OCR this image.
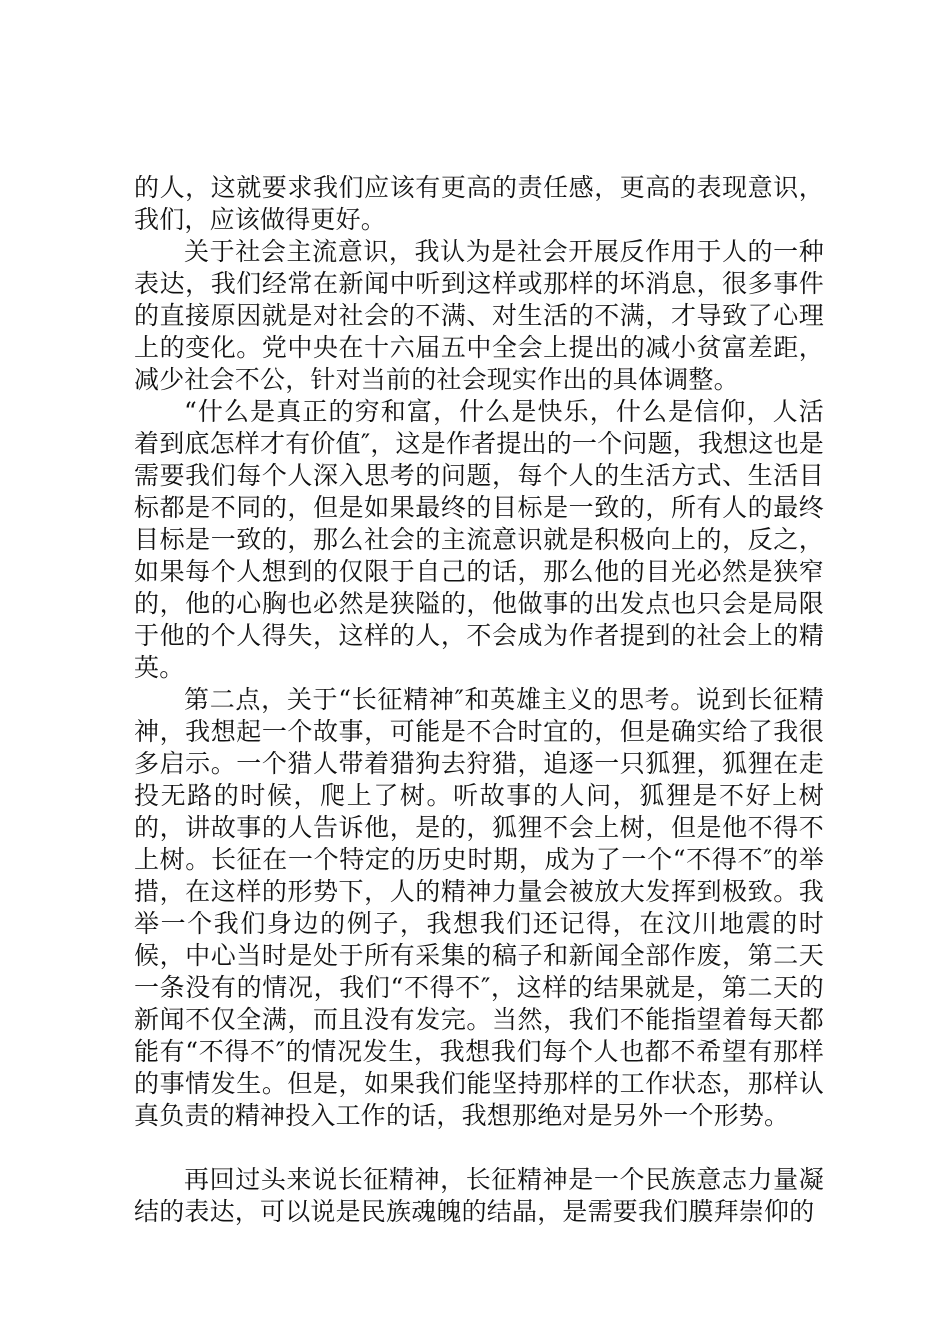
的人，这就要求我们应该有更高的责任感，更高的表现意识，我们，应该做得更好。

关于社会主流意识，我认为是社会开展反作用于人的一种表达，我们经常在新闻中听到这样或那样的坏消息，很多事件的直接原因就是对社会的不满、对生活的不满，才导致了心理上的变化。党中央在十六届五中全会上提出的减小贫富差距，减少社会不公，针对当前的社会现实作出的具体调整。

“什么是真正的穷和富，什么是快乐，什么是信仰，人活着到底怎样才有价值″，这是作者提出的一个问题，我想这也是需要我们每个人深入思考的问题，每个人的生活方式、生活目标都是不同的，但是如果最终的目标是一致的，所有人的最终目标是一致的，那么社会的主流意识就是积极向上的，反之，如果每个人想到的仅限于自己的话，那么他的目光必然是狭窄的，他的心胸也必然是狭隘的，他做事的出发点也只会是局限于他的个人得失，这样的人，不会成为作者提到的社会上的精英。

第二点，关于“长征精神″和英雄主义的思考。说到长征精神，我想起一个故事，可能是不合时宜的，但是确实给了我很多启示。一个猎人带着猎狗去狩猎，追逐一只狐狸，狐狸在走投无路的时候，爬上了树。听故事的人问，狐狸是不好上树的，讲故事的人告诉他，是的，狐狸不会上树，但是他不得不上树。长征在一个特定的历史时期，成为了一个“不得不″的举措，在这样的形势下，人的精神力量会被放大发挥到极致。我举一个我们身边的例子，我想我们还记得，在汶川地震的时候，中心当时是处于所有采集的稿子和新闻全部作废，第二天一条没有的情况，我们“不得不″，这样的结果就是，第二天的新闻不仅全满，而且没有发完。当然，我们不能指望着每天都能有“不得不″的情况发生，我想我们每个人也都不希望有那样的事情发生。但是，如果我们能坚持那样的工作状态，那样认真负责的精神投入工作的话，我想那绝对是另外一个形势。

再回过头来说长征精神，长征精神是一个民族意志力量凝结的表达，可以说是民族魂魄的结晶，是需要我们膜拜崇仰的
